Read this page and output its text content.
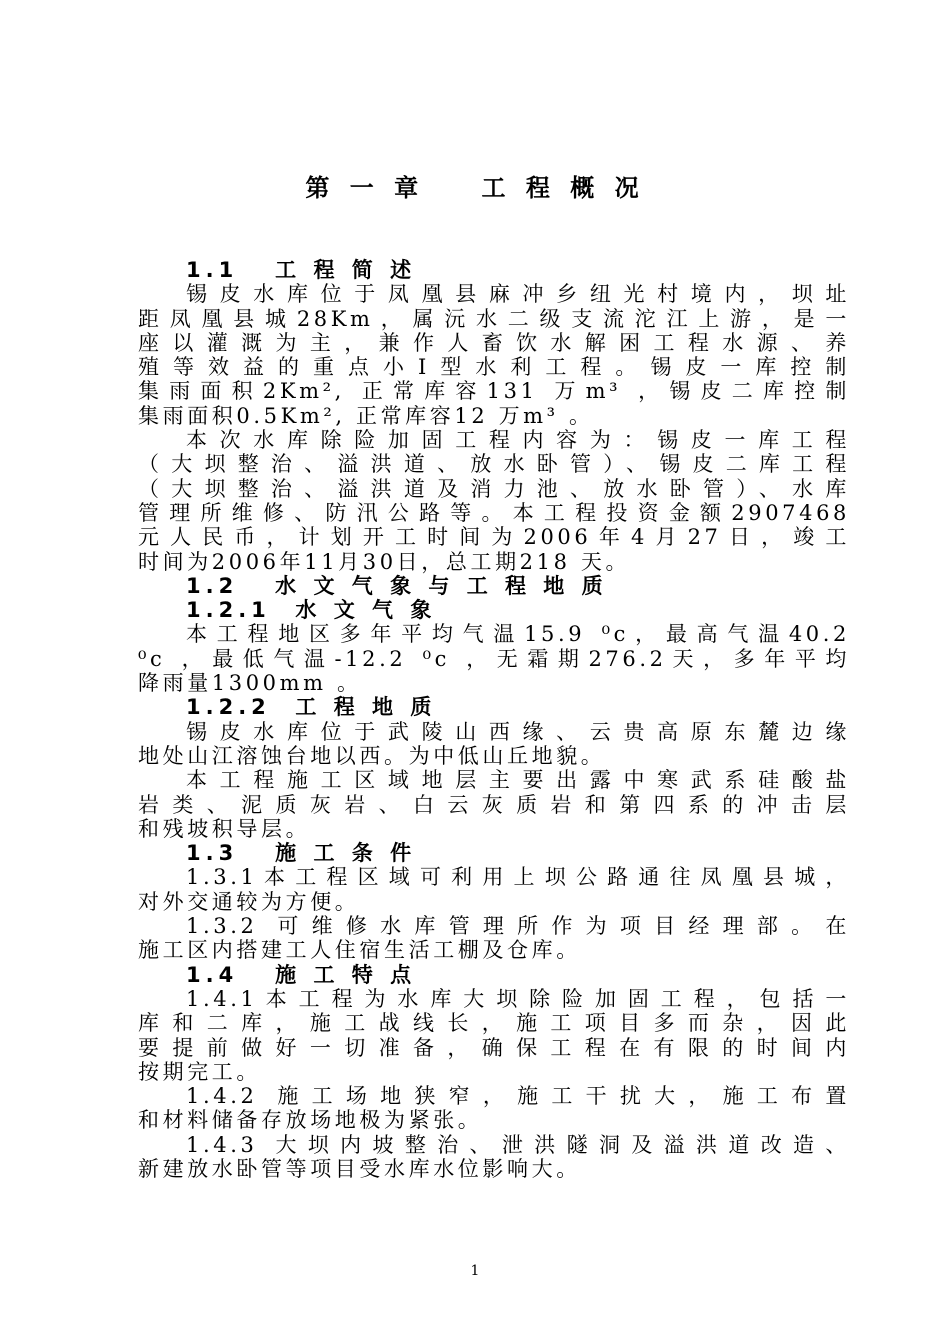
第 一 章    工 程 概 况
1.1   工 程 简 述
锡皮水库位于凤凰县麻冲乡纽光村境内，坝址
距凤凰县城28Km，属沅水二级支流沱江上游，是一
座以灌溉为主，兼作人畜饮水解困工程水源、养
殖等效益的重点小Ⅰ型水利工程。锡皮一库控制
集雨面积2Km², 正常库容131 万m³ ，锡皮二库控制
集雨面积0.5Km², 正常库容12 万m³ 。
本次水库除险加固工程内容为：锡皮一库工程
（大坝整治、溢洪道、放水卧管）、锡皮二库工程
（大坝整治、溢洪道及消力池、放水卧管）、水库
管理所维修、防汛公路等。本工程投资金额2907468
元人民币，计划开工时间为2006年4月27日，竣工
时间为2006年11月30日，总工期218 天。
1.2   水 文 气 象 与 工 程 地 质
1.2.1  水 文 气 象
本工程地区多年平均气温15.9 ⁰c，最高气温40.2
⁰c ，最低气温-12.2 ⁰c ，无霜期276.2天，多年平均
降雨量1300mm 。
1.2.2  工 程 地 质
锡皮水库位于武陵山西缘、云贵高原东麓边缘
地处山江溶蚀台地以西。为中低山丘地貌。
本工程施工区域地层主要出露中寒武系硅酸盐
岩类、泥质灰岩、白云灰质岩和第四系的冲击层
和残坡积导层。
1.3   施 工 条 件
1.3.1本工程区域可利用上坝公路通往凤凰县城，
对外交通较为方便。
1.3.2 可维修水库管理所作为项目经理部。在
施工区内搭建工人住宿生活工棚及仓库。
1.4   施 工 特 点
1.4.1本工程为水库大坝除险加固工程，包括一
库和二库，施工战线长，施工项目多而杂，因此
要提前做好一切准备，确保工程在有限的时间内
按期完工。
1.4.2 施工场地狭窄，施工干扰大，施工布置
和材料储备存放场地极为紧张。
1.4.3 大坝内坡整治、泄洪隧洞及溢洪道改造、
新建放水卧管等项目受水库水位影响大。
1
